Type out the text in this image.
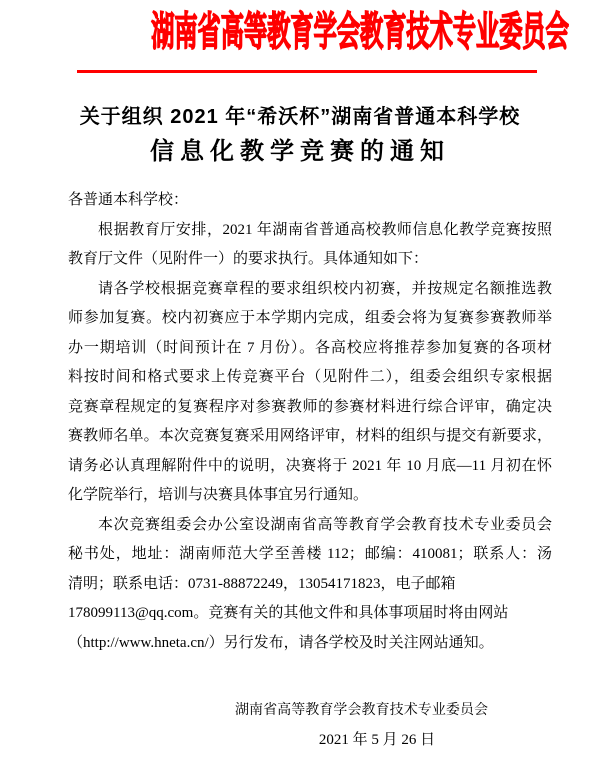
湖南省高等教育学会教育技术专业委员会
关于组织 2021 年“希沃杯”湖南省普通本科学校
信息化教学竞赛的通知
各普通本科学校：
根据教育厅安排，2021 年湖南省普通高校教师信息化教学竞赛按照
教育厅文件（见附件一）的要求执行。具体通知如下：
请各学校根据竞赛章程的要求组织校内初赛，并按规定名额推选教
师参加复赛。校内初赛应于本学期内完成，组委会将为复赛参赛教师举
办一期培训（时间预计在 7 月份）。各高校应将推荐参加复赛的各项材
料按时间和格式要求上传竞赛平台（见附件二），组委会组织专家根据
竞赛章程规定的复赛程序对参赛教师的参赛材料进行综合评审，确定决
赛教师名单。本次竞赛复赛采用网络评审，材料的组织与提交有新要求，
请务必认真理解附件中的说明，决赛将于 2021 年 10 月底—11 月初在怀
化学院举行，培训与决赛具体事宜另行通知。
本次竞赛组委会办公室设湖南省高等教育学会教育技术专业委员会
秘书处，地址：湖南师范大学至善楼 112；邮编：410081；联系人：汤
清明；联系电话：0731-88872249，13054171823，电子邮箱
178099113@qq.com。竞赛有关的其他文件和具体事项届时将由网站
（http://www.hneta.cn/）另行发布，请各学校及时关注网站通知。
湖南省高等教育学会教育技术专业委员会
2021 年 5 月 26 日
